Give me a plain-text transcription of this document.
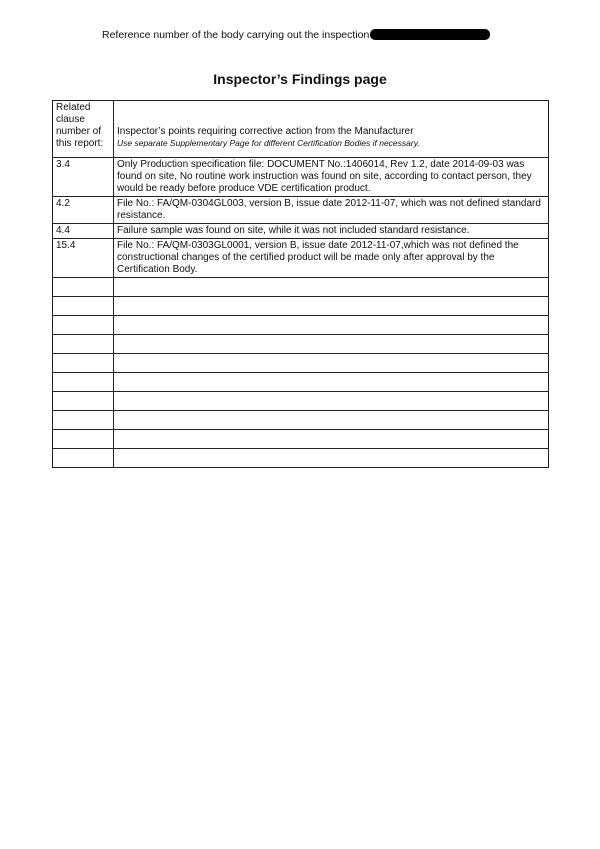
Reference number of the body carrying out the inspection
Inspector’s Findings page
Related clause number of this report:	Inspector’s points requiring corrective action from the Manufacturer
Use separate Supplementary Page for different Certification Bodies if necessary.

3.4	Only Production specification file: DOCUMENT No.:1406014, Rev 1.2, date 2014-09-03 was found on site, No routine work instruction was found on site, according to contact person, they would be ready before produce VDE certification product.
4.2	File No.: FA/QM-0304GL003, version B, issue date 2012-11-07, which was not defined standard resistance.
4.4	Failure sample was found on site, while it was not included standard resistance.
15.4	File No.: FA/QM-0303GL0001, version B, issue date 2012-11-07,which was not defined the constructional changes of the certified product will be made only after approval by the Certification Body.
